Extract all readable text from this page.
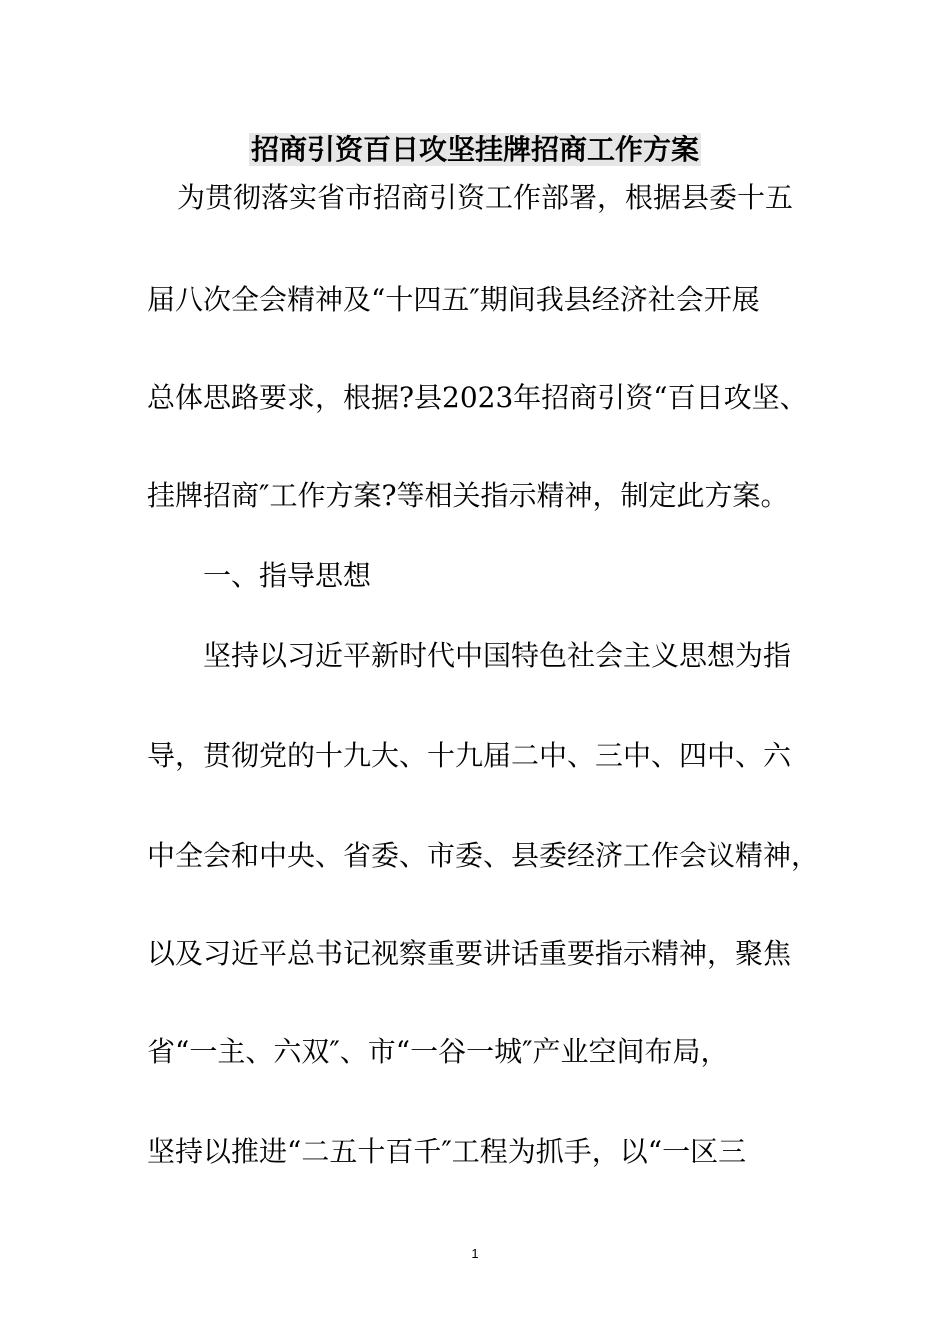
招商引资百日攻坚挂牌招商工作方案
为贯彻落实省市招商引资工作部署，根据县委十五
届八次全会精神及“十四五″期间我县经济社会开展
总体思路要求，根据?县2023年招商引资“百日攻坚、
挂牌招商″工作方案?等相关指示精神，制定此方案。
一、指导思想
坚持以习近平新时代中国特色社会主义思想为指
导，贯彻党的十九大、十九届二中、三中、四中、六
中全会和中央、省委、市委、县委经济工作会议精神，
以及习近平总书记视察重要讲话重要指示精神，聚焦
省“一主、六双″、市“一谷一城″产业空间布局，
坚持以推进“二五十百千″工程为抓手，以“一区三
1
